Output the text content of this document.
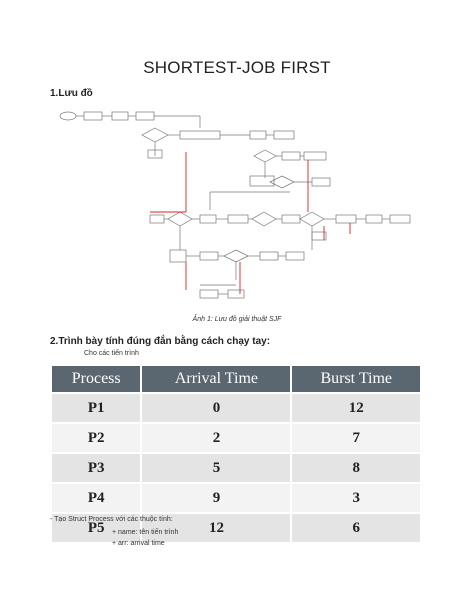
SHORTEST-JOB FIRST
1.Lưu đồ
Ảnh 1: Lưu đồ giải thuật SJF
2.Trình bày tính đúng đắn bằng cách chạy tay:
Cho các tiến trình
Process	Arrival Time	Burst Time
P1	0	12
P2	2	7
P3	5	8
P4	9	3
P5	12	6
- Tạo Struct Process với các thuộc tính:
+ name: tên tiến trình
+ arr: arrival time
